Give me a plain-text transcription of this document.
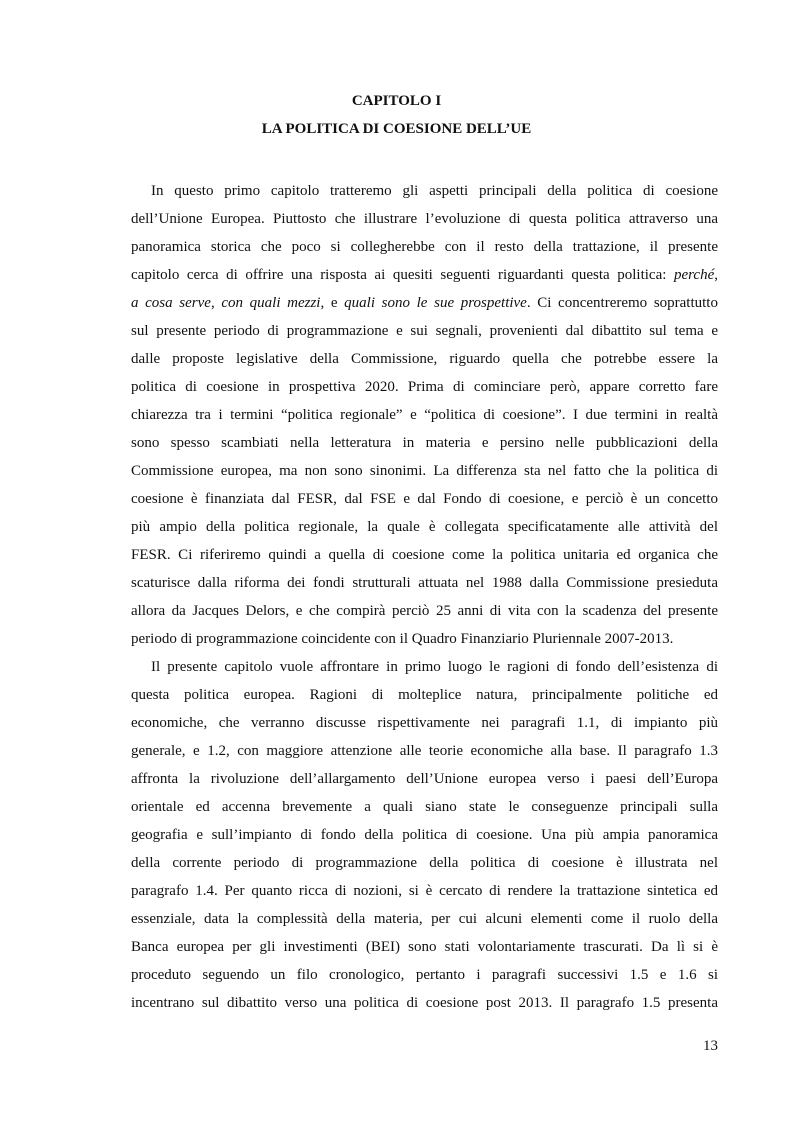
CAPITOLO I
LA POLITICA DI COESIONE DELL’UE
In questo primo capitolo tratteremo gli aspetti principali della politica di coesione
dell’Unione Europea. Piuttosto che illustrare l’evoluzione di questa politica attraverso una
panoramica storica che poco si collegherebbe con il resto della trattazione, il presente
capitolo cerca di offrire una risposta ai quesiti seguenti riguardanti questa politica: perché,
a cosa serve, con quali mezzi, e quali sono le sue prospettive. Ci concentreremo soprattutto
sul presente periodo di programmazione e sui segnali, provenienti dal dibattito sul tema e
dalle proposte legislative della Commissione, riguardo quella che potrebbe essere la
politica di coesione in prospettiva 2020. Prima di cominciare però, appare corretto fare
chiarezza tra i termini “politica regionale” e “politica di coesione”. I due termini in realtà
sono spesso scambiati nella letteratura in materia e persino nelle pubblicazioni della
Commissione europea, ma non sono sinonimi. La differenza sta nel fatto che la politica di
coesione è finanziata dal FESR, dal FSE e dal Fondo di coesione, e perciò è un concetto
più ampio della politica regionale, la quale è collegata specificatamente alle attività del
FESR. Ci riferiremo quindi a quella di coesione come la politica unitaria ed organica che
scaturisce dalla riforma dei fondi strutturali attuata nel 1988 dalla Commissione presieduta
allora da Jacques Delors, e che compirà perciò 25 anni di vita con la scadenza del presente
periodo di programmazione coincidente con il Quadro Finanziario Pluriennale 2007-2013.
Il presente capitolo vuole affrontare in primo luogo le ragioni di fondo dell’esistenza di
questa politica europea. Ragioni di molteplice natura, principalmente politiche ed
economiche, che verranno discusse rispettivamente nei paragrafi 1.1, di impianto più
generale, e 1.2, con maggiore attenzione alle teorie economiche alla base. Il paragrafo 1.3
affronta la rivoluzione dell’allargamento dell’Unione europea verso i paesi dell’Europa
orientale ed accenna brevemente a quali siano state le conseguenze principali sulla
geografia e sull’impianto di fondo della politica di coesione. Una più ampia panoramica
della corrente periodo di programmazione della politica di coesione è illustrata nel
paragrafo 1.4. Per quanto ricca di nozioni, si è cercato di rendere la trattazione sintetica ed
essenziale, data la complessità della materia, per cui alcuni elementi come il ruolo della
Banca europea per gli investimenti (BEI) sono stati volontariamente trascurati. Da lì si è
proceduto seguendo un filo cronologico, pertanto i paragrafi successivi 1.5 e 1.6 si
incentrano sul dibattito verso una politica di coesione post 2013. Il paragrafo 1.5 presenta
13
